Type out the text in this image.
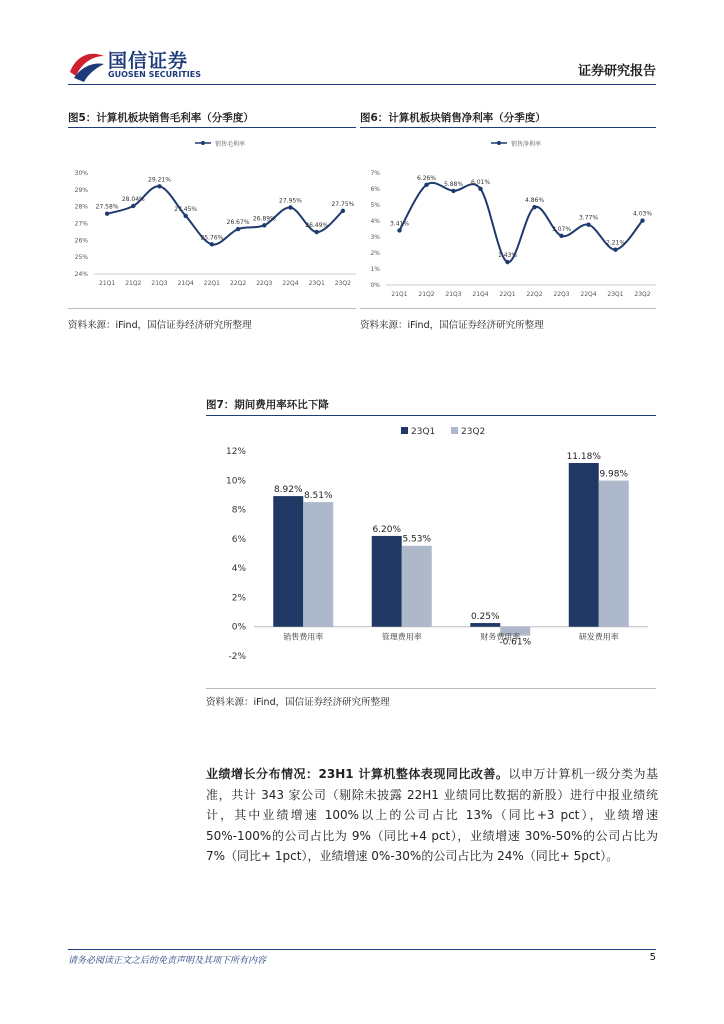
国信证券
GUOSEN SECURITIES	证券研究报告
图5：计算机板块销售毛利率（分季度）
销售毛利率
24%
25%
26%
27%
28%
29%
30%
21Q1 21Q2 21Q3 21Q4 22Q1 22Q2 22Q3 22Q4 23Q1 23Q2
27.58%
28.04%
29.21%
27.45%
25.76%
26.67%
26.89%
27.95%
26.49%
27.75%
资料来源：iFind，国信证券经济研究所整理
图6：计算机板块销售净利率（分季度）
销售净利率
0%
1%
2%
3%
4%
5%
6%
7%
21Q1 21Q2 21Q3 21Q4 22Q1 22Q2 22Q3 22Q4 23Q1 23Q2
3.41%
6.26%
5.88% 6.01%
1.43%
4.86%
3.07%
3.77%
2.21%
4.03%
资料来源：iFind，国信证券经济研究所整理
图7：期间费用率环比下降
23Q1	23Q2
-2%
0%
2%
4%
6%
8%
10%
12%
8.92%
8.51%
销售费用率
6.20%
5.53%
管理费用率
0.25%
-0.61%
财务费用率
11.18%
9.98%
研发费用率
资料来源：iFind，国信证券经济研究所整理
业绩增长分布情况：23H1 计算机整体表现同比改善。以申万计算机一级分类为基准，共计 343 家公司（剔除未披露 22H1 业绩同比数据的新股）进行中报业绩统计，其中业绩增速 100%以上的公司占比 13%（同比+3 pct），业绩增速 50%-100%的公司占比为 9%（同比+4 pct），业绩增速 30%-50%的公司占比为 7%（同比+ 1pct），业绩增速 0%-30%的公司占比为 24%（同比+ 5pct）。
请务必阅读正文之后的免责声明及其项下所有内容	5
